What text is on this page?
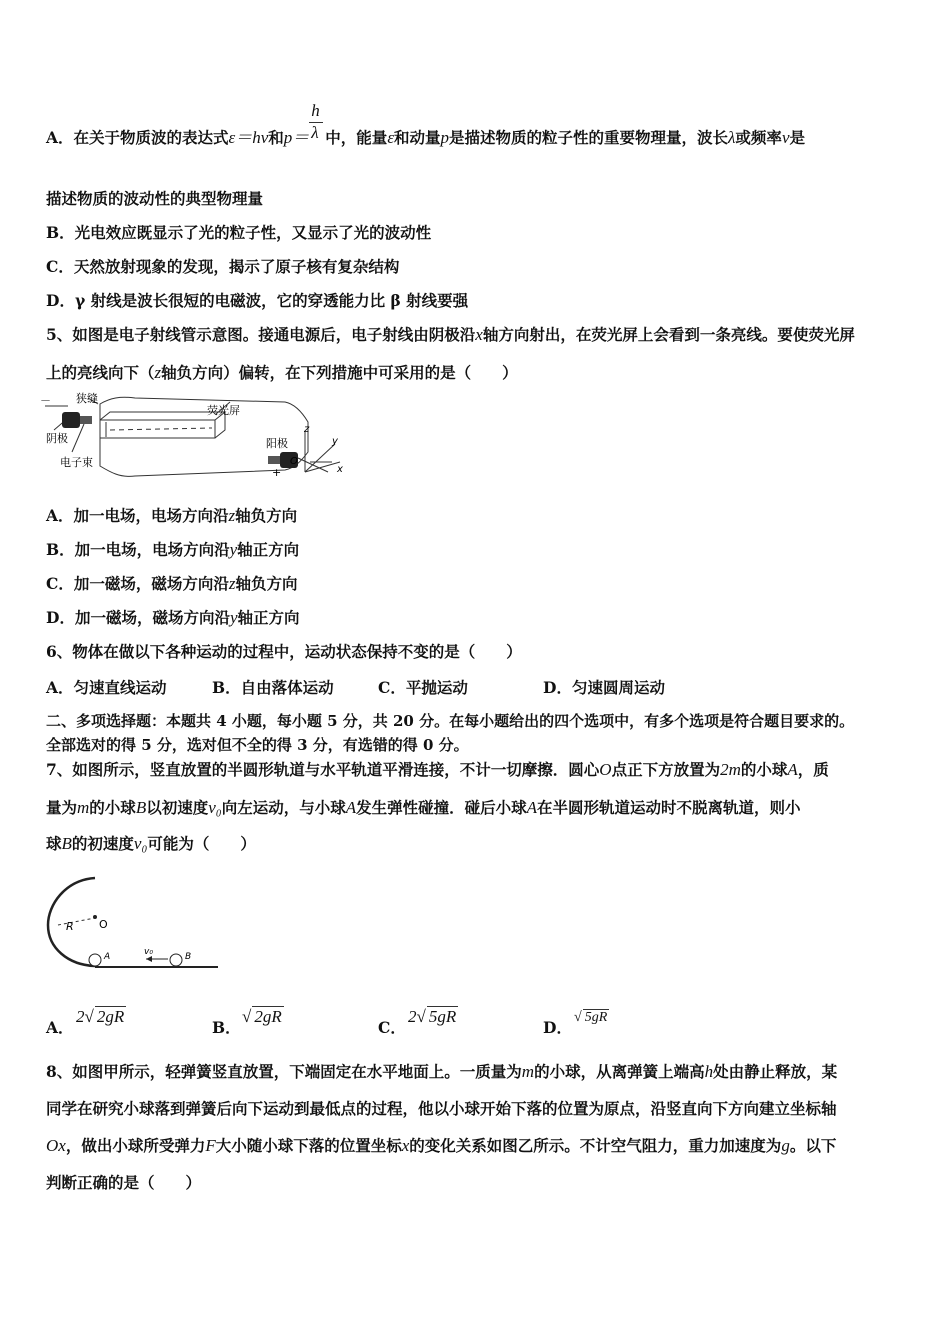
A．在关于物质波的表达式ε＝hν和$p= \frac{h}{\lambda}$ 中，能量ε和动量p是描述物质的粒子性的重要物理量，波长λ或频率ν是
描述物质的波动性的典型物理量
B．光电效应既显示了光的粒子性，又显示了光的波动性
C．天然放射现象的发现，揭示了原子核有复杂结构
D．γ 射线是波长很短的电磁波，它的穿透能力比 β 射线要强
5、如图是电子射线管示意图。接通电源后，电子射线由阴极沿x轴方向射出，在荧光屏上会看到一条亮线。要使荧光屏
上的亮线向下（z轴负方向）偏转，在下列措施中可采用的是（　　）
－ 狭缝
荧光屏
阴极
电子束
阳极
+
z
y
O
x
A．加一电场，电场方向沿z轴负方向
B．加一电场，电场方向沿y轴正方向
C．加一磁场，磁场方向沿z轴负方向
D．加一磁场，磁场方向沿y轴正方向
6、物体在做以下各种运动的过程中，运动状态保持不变的是（　　）
A．匀速直线运动	B．自由落体运动	C．平抛运动	D．匀速圆周运动
二、多项选择题：本题共 4 小题，每小题 5 分，共 20 分。在每小题给出的四个选项中，有多个选项是符合题目要求的。
全部选对的得 5 分，选对但不全的得 3 分，有选错的得 0 分。
7、如图所示，竖直放置的半圆形轨道与水平轨道平滑连接，不计一切摩擦．圆心O点正下方放置为2m的小球A，质
量为m的小球B以初速度v₀向左运动，与小球A发生弹性碰撞．碰后小球A在半圆形轨道运动时不脱离轨道，则小
球B的初速度v₀可能为（　　）
R O
A	v₀	B
A．
2√ 2gR
B．
√ 2gR
C．
2√ 5gR
D．
√ 5gR
8、如图甲所示，轻弹簧竖直放置，下端固定在水平地面上。一质量为m的小球，从离弹簧上端高h处由静止释放，某
同学在研究小球落到弹簧后向下运动到最低点的过程，他以小球开始下落的位置为原点，沿竖直向下方向建立坐标轴
Ox，做出小球所受弹力F大小随小球下落的位置坐标x的变化关系如图乙所示。不计空气阻力，重力加速度为g。以下
判断正确的是（　　）
